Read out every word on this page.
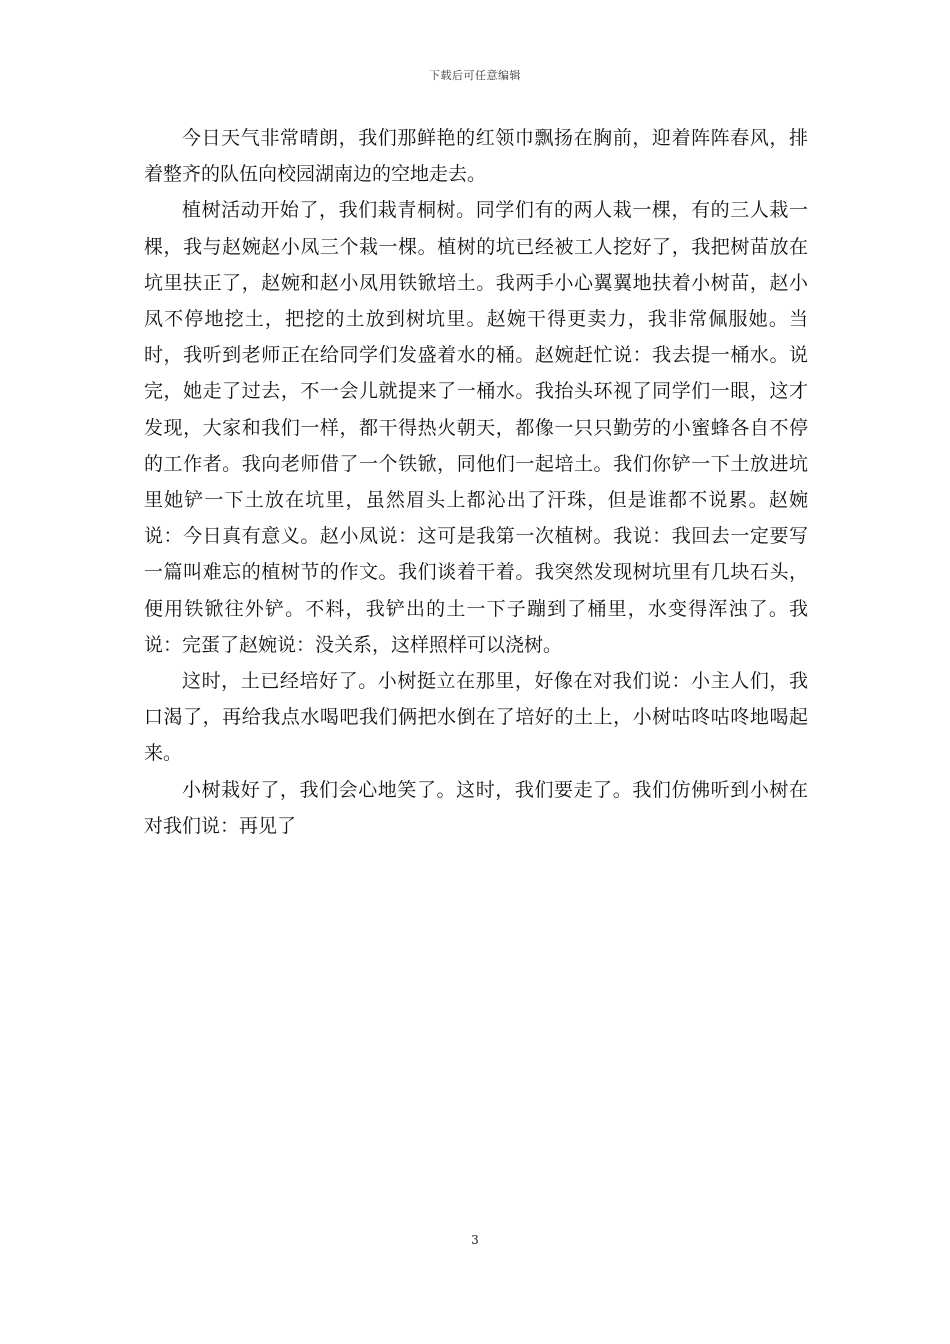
下载后可任意编辑

今日天气非常晴朗，我们那鲜艳的红领巾飘扬在胸前，迎着阵阵春风，排着整齐的队伍向校园湖南边的空地走去。

植树活动开始了，我们栽青桐树。同学们有的两人栽一棵，有的三人栽一棵，我与赵婉赵小凤三个栽一棵。植树的坑已经被工人挖好了，我把树苗放在坑里扶正了，赵婉和赵小凤用铁锨培土。我两手小心翼翼地扶着小树苗，赵小凤不停地挖土，把挖的土放到树坑里。赵婉干得更卖力，我非常佩服她。当时，我听到老师正在给同学们发盛着水的桶。赵婉赶忙说：我去提一桶水。说完，她走了过去，不一会儿就提来了一桶水。我抬头环视了同学们一眼，这才发现，大家和我们一样，都干得热火朝天，都像一只只勤劳的小蜜蜂各自不停的工作者。我向老师借了一个铁锨，同他们一起培土。我们你铲一下土放进坑里她铲一下土放在坑里，虽然眉头上都沁出了汗珠，但是谁都不说累。赵婉说：今日真有意义。赵小凤说：这可是我第一次植树。我说：我回去一定要写一篇叫难忘的植树节的作文。我们谈着干着。我突然发现树坑里有几块石头，便用铁锨往外铲。不料，我铲出的土一下子蹦到了桶里，水变得浑浊了。我说：完蛋了赵婉说：没关系，这样照样可以浇树。

这时，土已经培好了。小树挺立在那里，好像在对我们说：小主人们，我口渴了，再给我点水喝吧我们俩把水倒在了培好的土上，小树咕咚咕咚地喝起来。

小树栽好了，我们会心地笑了。这时，我们要走了。我们仿佛听到小树在对我们说：再见了

3
